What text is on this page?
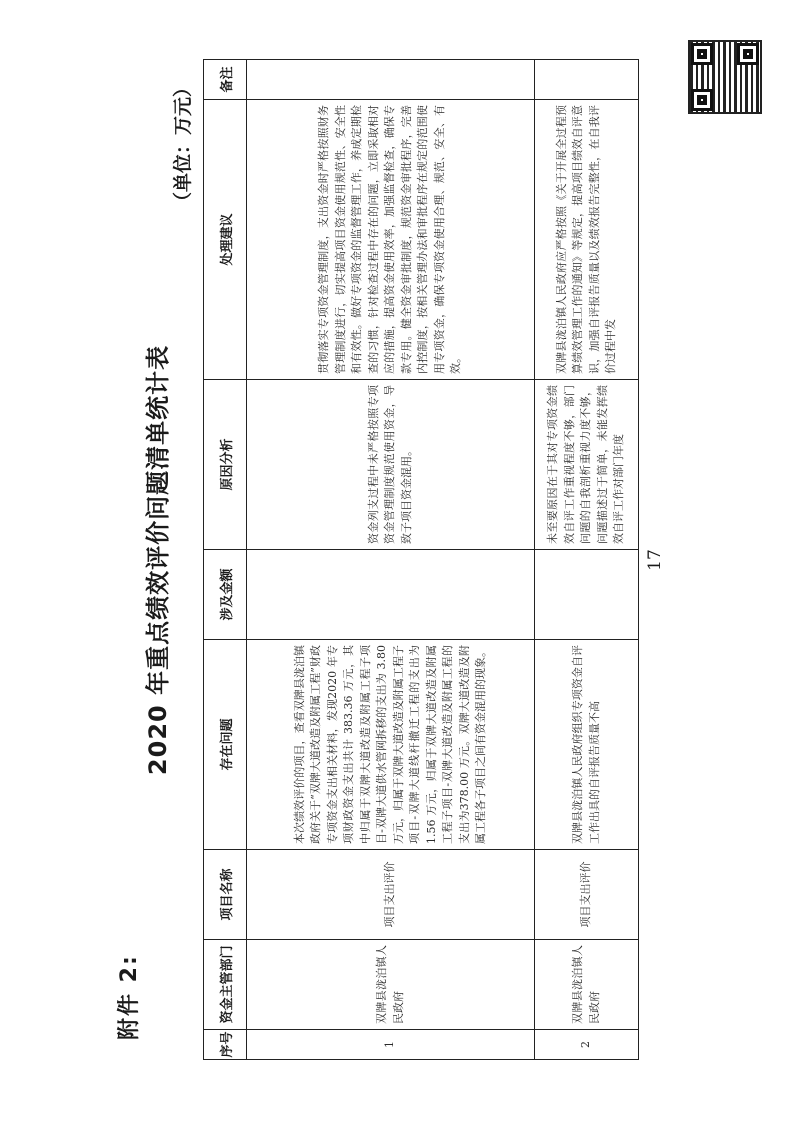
附件 2:
2020 年重点绩效评价问题清单统计表
（单位：万元）
序号	资金主管部门	项目名称	存在问题	涉及金额	原因分析	处理建议	备注
1	双牌县泷泊镇人民政府	项目支出评价	本次绩效评价的项目，查看双牌县泷泊镇政府关于“双牌大道改造及附属工程”财政专项资金支出相关材料，发现2020 年专项财政资金支出共计 383.36 万元，其中归属于双牌大道改造及附属工程子项目-双牌大道供水管网拆移的支出为 3.80 万元，归属于双牌大道改造及附属工程子项目-双牌大道线杆撤迁工程的支出为1.56 万元，归属于双牌大道改造及附属工程子项目-双牌大道改造及附属工程的支出为378.00 万元。双牌大道改造及附属工程各子项目之间有资金混用的现象。		资金列支过程中未严格按照专项资金管理制度规范使用资金，导致子项目资金混用。	贯彻落实专项资金管理制度，支出资金时严格按照财务管理制度进行，切实提高项目资金使用规范性、安全性和有效性。做好专项资金的监督管理工作，养成定期检查的习惯，针对检查过程中存在的问题，立即采取相对应的措施，提高资金使用效率，加强监督检查，确保专款专用。健全资金审批制度，规范资金审批程序，完善内控制度，按相关管理办法和审批程序在规定的范围使用专项资金，确保专项资金使用合理、规范、安全、有效。	

2	双牌县泷泊镇人民政府	项目支出评价	双牌县泷泊镇人民政府组织专项资金自评工作出具的自评报告质量不高		未至要原因在于其对专项资金绩效自评工作重视程度不够，部门问题的自我剖析重视力度不够，问题描述过于简单，未能发挥绩效自评工作对部门年度	双牌县泷泊镇人民政府应严格按照《关于开展全过程预算绩效管理工作的通知》等规定，提高项目绩效自评意识，加强自评报告质量以及绩效报告完整性，在自我评价过程中发	

17
